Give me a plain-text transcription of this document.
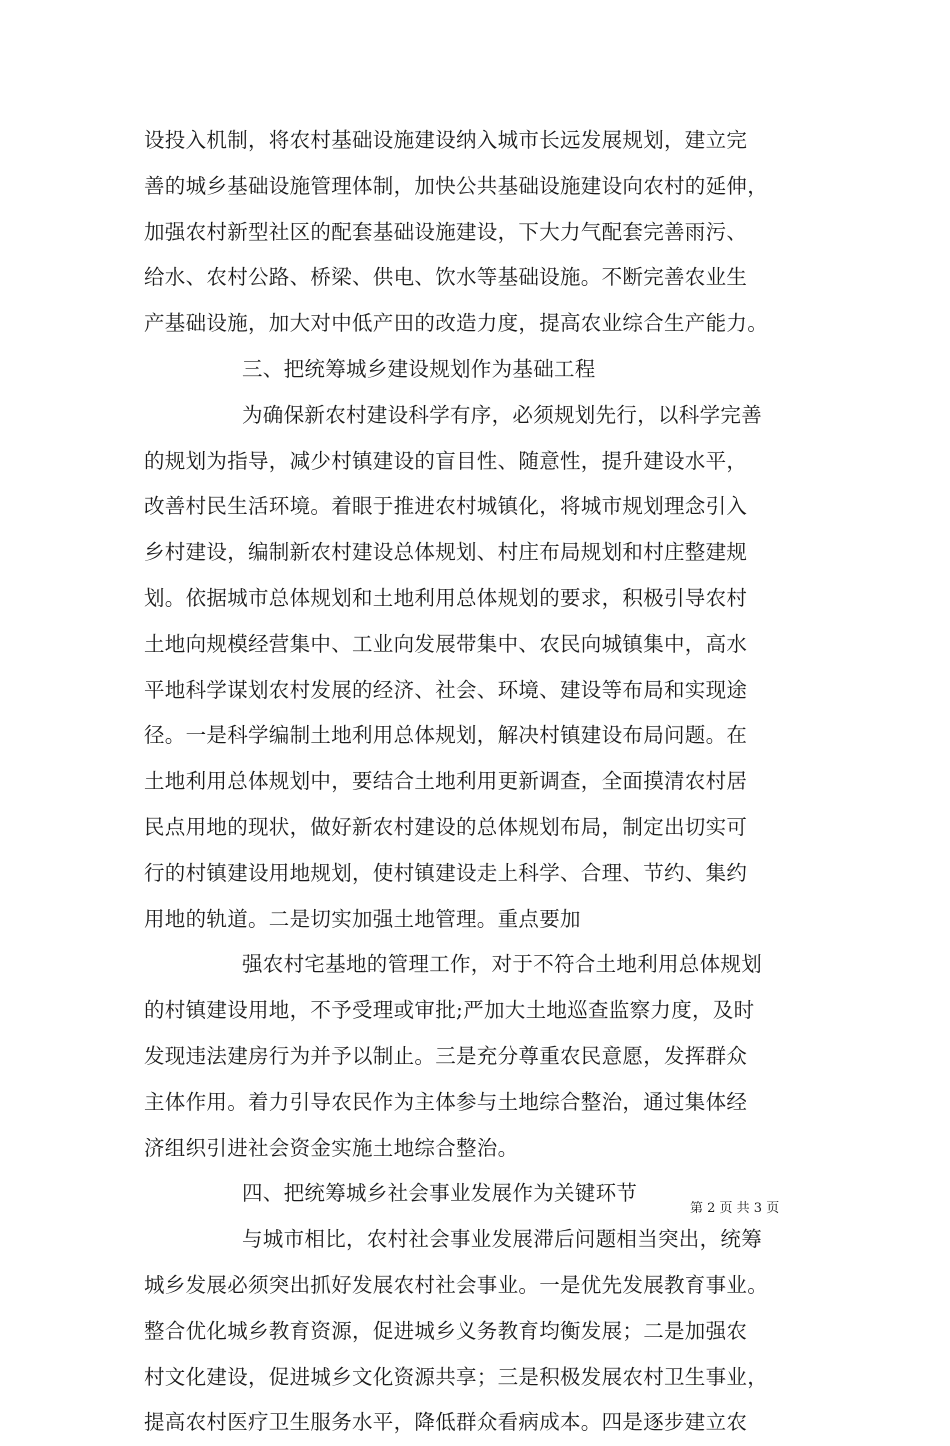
设投入机制，将农村基础设施建设纳入城市长远发展规划，建立完
善的城乡基础设施管理体制，加快公共基础设施建设向农村的延伸，
加强农村新型社区的配套基础设施建设，下大力气配套完善雨污、
给水、农村公路、桥梁、供电、饮水等基础设施。不断完善农业生
产基础设施，加大对中低产田的改造力度，提高农业综合生产能力。
三、把统筹城乡建设规划作为基础工程
为确保新农村建设科学有序，必须规划先行，以科学完善
的规划为指导，减少村镇建设的盲目性、随意性，提升建设水平，
改善村民生活环境。着眼于推进农村城镇化，将城市规划理念引入
乡村建设，编制新农村建设总体规划、村庄布局规划和村庄整建规
划。依据城市总体规划和土地利用总体规划的要求，积极引导农村
土地向规模经营集中、工业向发展带集中、农民向城镇集中，高水
平地科学谋划农村发展的经济、社会、环境、建设等布局和实现途
径。一是科学编制土地利用总体规划，解决村镇建设布局问题。在
土地利用总体规划中，要结合土地利用更新调查，全面摸清农村居
民点用地的现状，做好新农村建设的总体规划布局，制定出切实可
行的村镇建设用地规划，使村镇建设走上科学、合理、节约、集约
用地的轨道。二是切实加强土地管理。重点要加
强农村宅基地的管理工作，对于不符合土地利用总体规划
的村镇建设用地，不予受理或审批;严加大土地巡查监察力度，及时
发现违法建房行为并予以制止。三是充分尊重农民意愿，发挥群众
主体作用。着力引导农民作为主体参与土地综合整治，通过集体经
济组织引进社会资金实施土地综合整治。
四、把统筹城乡社会事业发展作为关键环节
与城市相比，农村社会事业发展滞后问题相当突出，统筹
城乡发展必须突出抓好发展农村社会事业。一是优先发展教育事业。
整合优化城乡教育资源，促进城乡义务教育均衡发展；二是加强农
村文化建设，促进城乡文化资源共享；三是积极发展农村卫生事业，
提高农村医疗卫生服务水平，降低群众看病成本。四是逐步建立农
第 2 页 共 3 页
